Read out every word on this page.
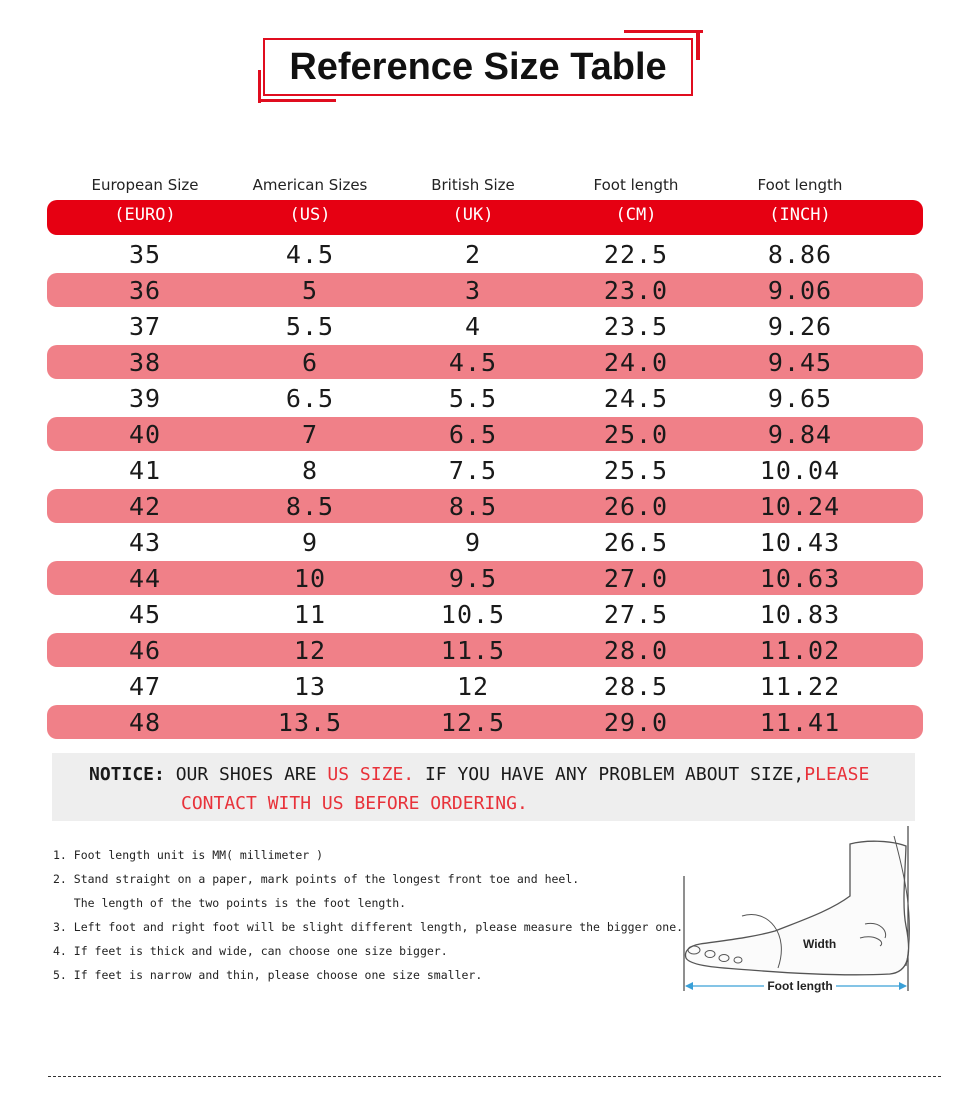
Reference Size Table
European Size	American Sizes	British Size	Foot length	Foot length
(EURO)	(US)	(UK)	(CM)	(INCH)
35	4.5	2	22.5	8.86
36	5	3	23.0	9.06
37	5.5	4	23.5	9.26
38	6	4.5	24.0	9.45
39	6.5	5.5	24.5	9.65
40	7	6.5	25.0	9.84
41	8	7.5	25.5	10.04
42	8.5	8.5	26.0	10.24
43	9	9	26.5	10.43
44	10	9.5	27.0	10.63
45	11	10.5	27.5	10.83
46	12	11.5	28.0	11.02
47	13	12	28.5	11.22
48	13.5	12.5	29.0	11.41
NOTICE: OUR SHOES ARE US SIZE. IF YOU HAVE ANY PROBLEM ABOUT SIZE,PLEASE
CONTACT WITH US BEFORE ORDERING.
1. Foot length unit is MM( millimeter )
2. Stand straight on a paper, mark points of the longest front toe and heel.
The length of the two points is the foot length.
3. Left foot and right foot will be slight different length, please measure the bigger one.
4. If feet is thick and wide, can choose one size bigger.
5. If feet is narrow and thin, please choose one size smaller.
Width
Foot length
